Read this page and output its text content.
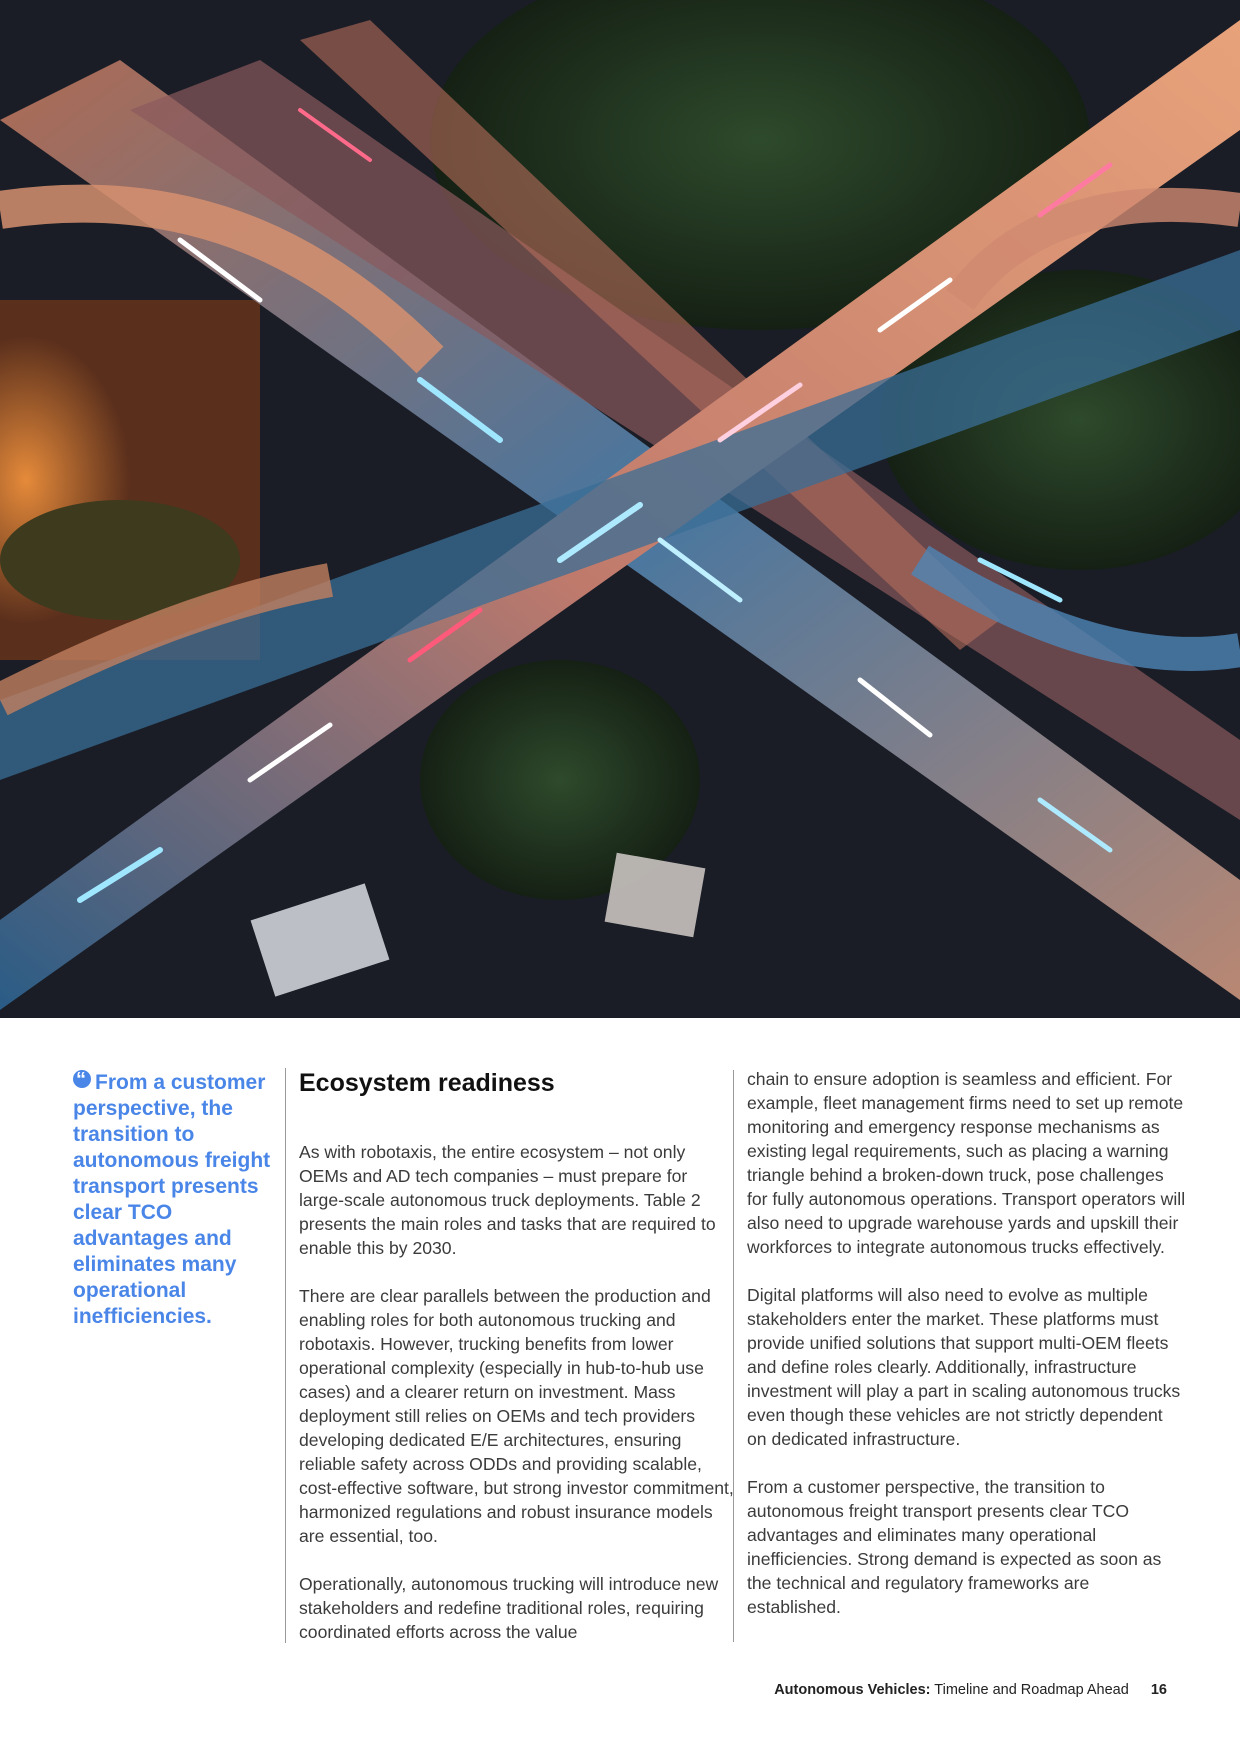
“From a customer perspective, the transition to autonomous freight transport presents clear TCO advantages and eliminates many operational inefficiencies.
Ecosystem readiness

As with robotaxis, the entire ecosystem – not only OEMs and AD tech companies – must prepare for large-scale autonomous truck deployments. Table 2 presents the main roles and tasks that are required to enable this by 2030.

There are clear parallels between the production and enabling roles for both autonomous trucking and robotaxis. However, trucking benefits from lower operational complexity (especially in hub-to-hub use cases) and a clearer return on investment. Mass deployment still relies on OEMs and tech providers developing dedicated E/E architectures, ensuring reliable safety across ODDs and providing scalable, cost-effective software, but strong investor commitment, harmonized regulations and robust insurance models are essential, too.

Operationally, autonomous trucking will introduce new stakeholders and redefine traditional roles, requiring coordinated efforts across the value

chain to ensure adoption is seamless and efficient. For example, fleet management firms need to set up remote monitoring and emergency response mechanisms as existing legal requirements, such as placing a warning triangle behind a broken-down truck, pose challenges for fully autonomous operations. Transport operators will also need to upgrade warehouse yards and upskill their workforces to integrate autonomous trucks effectively.

Digital platforms will also need to evolve as multiple stakeholders enter the market. These platforms must provide unified solutions that support multi-OEM fleets and define roles clearly. Additionally, infrastructure investment will play a part in scaling autonomous trucks even though these vehicles are not strictly dependent on dedicated infrastructure.

From a customer perspective, the transition to autonomous freight transport presents clear TCO advantages and eliminates many operational inefficiencies. Strong demand is expected as soon as the technical and regulatory frameworks are established.

Autonomous Vehicles: Timeline and Roadmap Ahead 16
